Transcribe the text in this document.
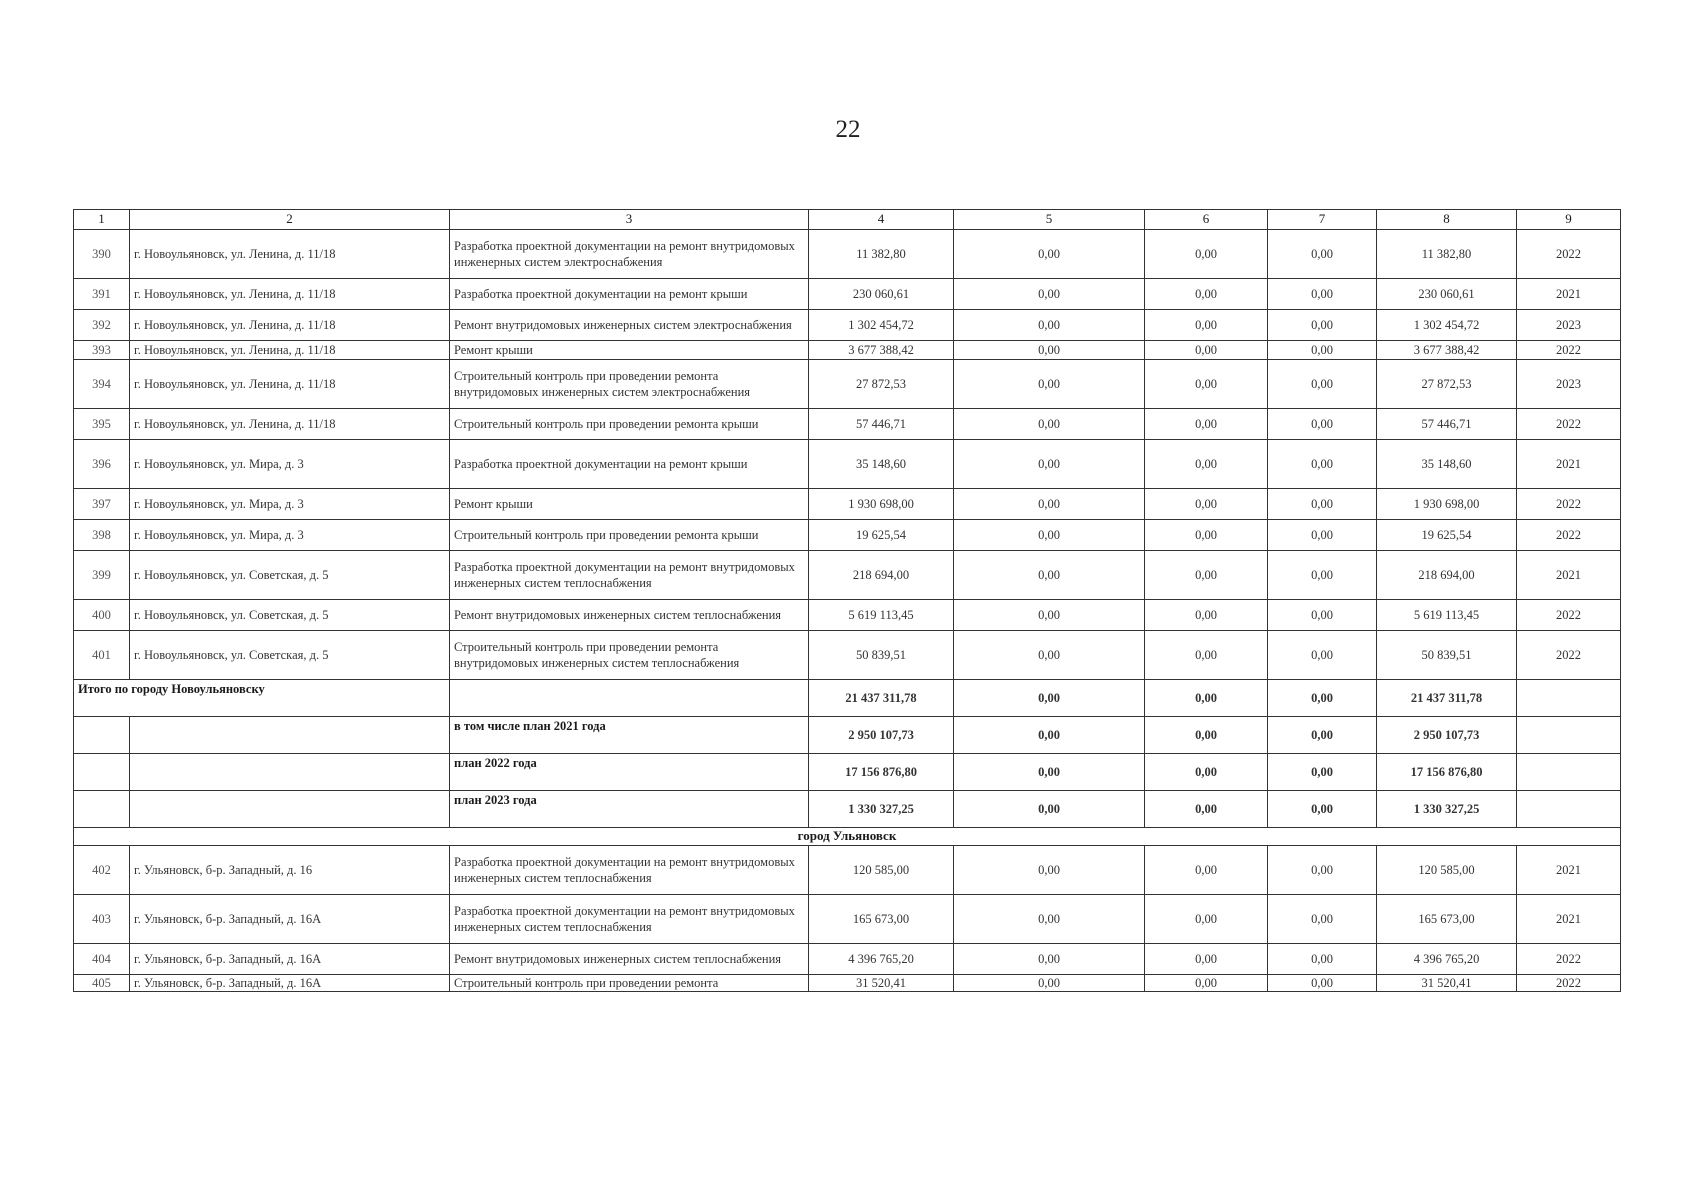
22
1	2	3	4	5	6	7	8	9
390	г. Новоульяновск, ул. Ленина, д. 11/18	Разработка проектной документации на ремонт внутридомовых инженерных систем электроснабжения	11 382,80	0,00	0,00	0,00	11 382,80	2022
391	г. Новоульяновск, ул. Ленина, д. 11/18	Разработка проектной документации на ремонт крыши	230 060,61	0,00	0,00	0,00	230 060,61	2021
392	г. Новоульяновск, ул. Ленина, д. 11/18	Ремонт внутридомовых инженерных систем электроснабжения	1 302 454,72	0,00	0,00	0,00	1 302 454,72	2023
393	г. Новоульяновск, ул. Ленина, д. 11/18	Ремонт крыши	3 677 388,42	0,00	0,00	0,00	3 677 388,42	2022
394	г. Новоульяновск, ул. Ленина, д. 11/18	Строительный контроль при проведении ремонта внутридомовых инженерных систем электроснабжения	27 872,53	0,00	0,00	0,00	27 872,53	2023
395	г. Новоульяновск, ул. Ленина, д. 11/18	Строительный контроль при проведении ремонта крыши	57 446,71	0,00	0,00	0,00	57 446,71	2022
396	г. Новоульяновск, ул. Мира, д. 3	Разработка проектной документации на ремонт крыши	35 148,60	0,00	0,00	0,00	35 148,60	2021
397	г. Новоульяновск, ул. Мира, д. 3	Ремонт крыши	1 930 698,00	0,00	0,00	0,00	1 930 698,00	2022
398	г. Новоульяновск, ул. Мира, д. 3	Строительный контроль при проведении ремонта крыши	19 625,54	0,00	0,00	0,00	19 625,54	2022
399	г. Новоульяновск, ул. Советская, д. 5	Разработка проектной документации на ремонт внутридомовых инженерных систем теплоснабжения	218 694,00	0,00	0,00	0,00	218 694,00	2021
400	г. Новоульяновск, ул. Советская, д. 5	Ремонт внутридомовых инженерных систем теплоснабжения	5 619 113,45	0,00	0,00	0,00	5 619 113,45	2022
401	г. Новоульяновск, ул. Советская, д. 5	Строительный контроль при проведении ремонта внутридомовых инженерных систем теплоснабжения	50 839,51	0,00	0,00	0,00	50 839,51	2022
Итого по городу Новоульяновску			21 437 311,78	0,00	0,00	0,00	21 437 311,78	
		в том числе план 2021 года	2 950 107,73	0,00	0,00	0,00	2 950 107,73	
		план 2022 года	17 156 876,80	0,00	0,00	0,00	17 156 876,80	
		план 2023 года	1 330 327,25	0,00	0,00	0,00	1 330 327,25	
город Ульяновск								
402	г. Ульяновск, б-р. Западный, д. 16	Разработка проектной документации на ремонт внутридомовых инженерных систем теплоснабжения	120 585,00	0,00	0,00	0,00	120 585,00	2021
403	г. Ульяновск, б-р. Западный, д. 16А	Разработка проектной документации на ремонт внутридомовых инженерных систем теплоснабжения	165 673,00	0,00	0,00	0,00	165 673,00	2021
404	г. Ульяновск, б-р. Западный, д. 16А	Ремонт внутридомовых инженерных систем теплоснабжения	4 396 765,20	0,00	0,00	0,00	4 396 765,20	2022
405	г. Ульяновск, б-р. Западный, д. 16А	Строительный контроль при проведении ремонта	31 520,41	0,00	0,00	0,00	31 520,41	2022
